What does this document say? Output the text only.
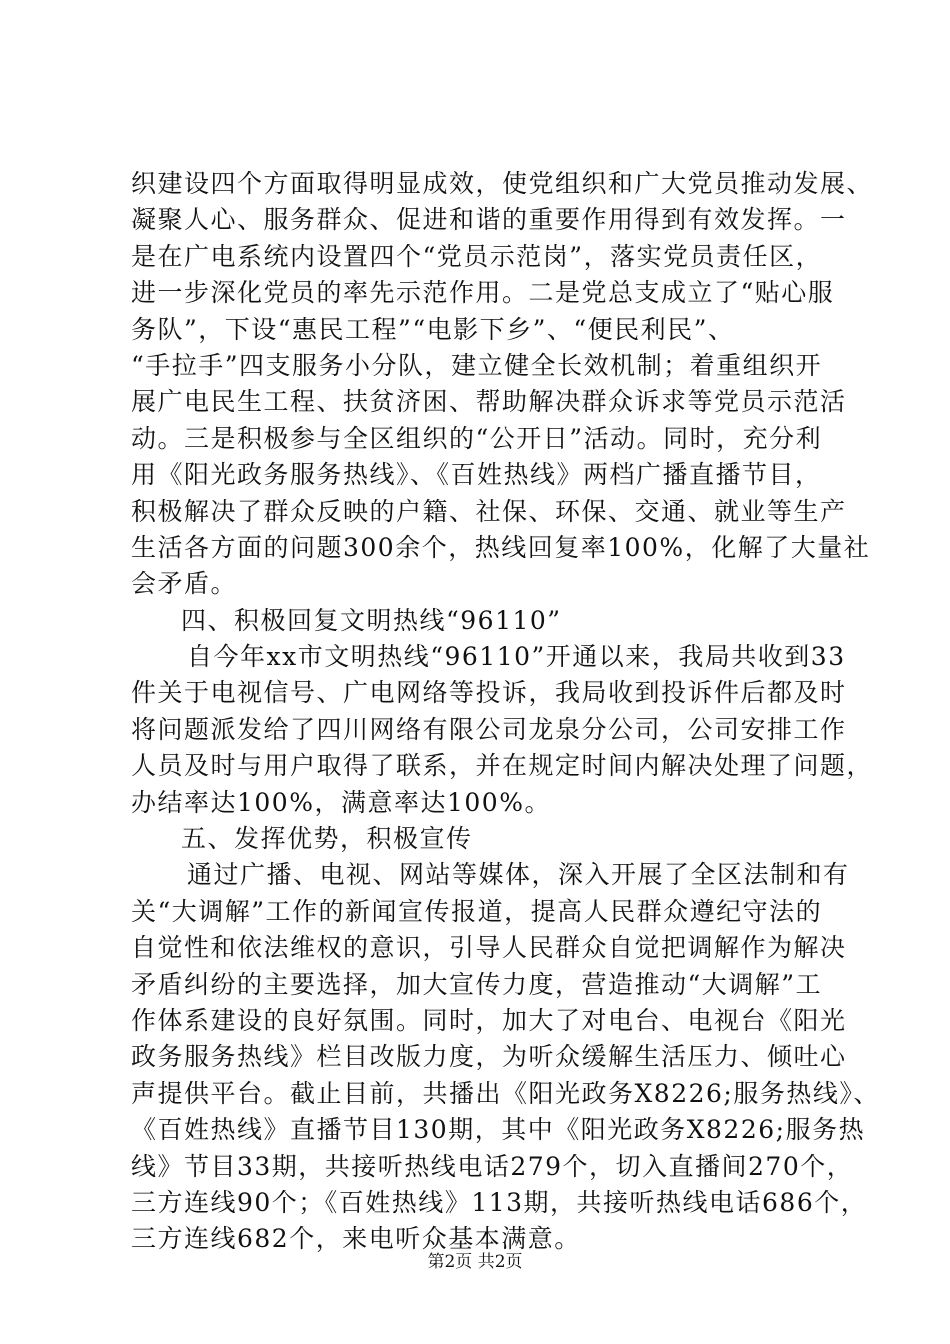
织建设四个方面取得明显成效，使党组织和广大党员推动发展、
凝聚人心、服务群众、促进和谐的重要作用得到有效发挥。一
是在广电系统内设置四个“党员示范岗”，落实党员责任区，
进一步深化党员的率先示范作用。二是党总支成立了“贴心服
务队”，下设“惠民工程”“电影下乡”、“便民利民”、
“手拉手”四支服务小分队，建立健全长效机制；着重组织开
展广电民生工程、扶贫济困、帮助解决群众诉求等党员示范活
动。三是积极参与全区组织的“公开日”活动。同时，充分利
用《阳光政务服务热线》、《百姓热线》两档广播直播节目，
积极解决了群众反映的户籍、社保、环保、交通、就业等生产
生活各方面的问题300余个，热线回复率100%，化解了大量社
会矛盾。
四、积极回复文明热线“96110”
自今年xx市文明热线“96110”开通以来，我局共收到33
件关于电视信号、广电网络等投诉，我局收到投诉件后都及时
将问题派发给了四川网络有限公司龙泉分公司，公司安排工作
人员及时与用户取得了联系，并在规定时间内解决处理了问题，
办结率达100%，满意率达100%。
五、发挥优势，积极宣传
通过广播、电视、网站等媒体，深入开展了全区法制和有
关“大调解”工作的新闻宣传报道，提高人民群众遵纪守法的
自觉性和依法维权的意识，引导人民群众自觉把调解作为解决
矛盾纠纷的主要选择，加大宣传力度，营造推动“大调解”工
作体系建设的良好氛围。同时，加大了对电台、电视台《阳光
政务服务热线》栏目改版力度，为听众缓解生活压力、倾吐心
声提供平台。截止目前，共播出《阳光政务X8226;服务热线》、
《百姓热线》直播节目130期，其中《阳光政务X8226;服务热
线》节目33期，共接听热线电话279个，切入直播间270个，
三方连线90个；《百姓热线》113期，共接听热线电话686个，
三方连线682个，来电听众基本满意。
第2页 共2页
